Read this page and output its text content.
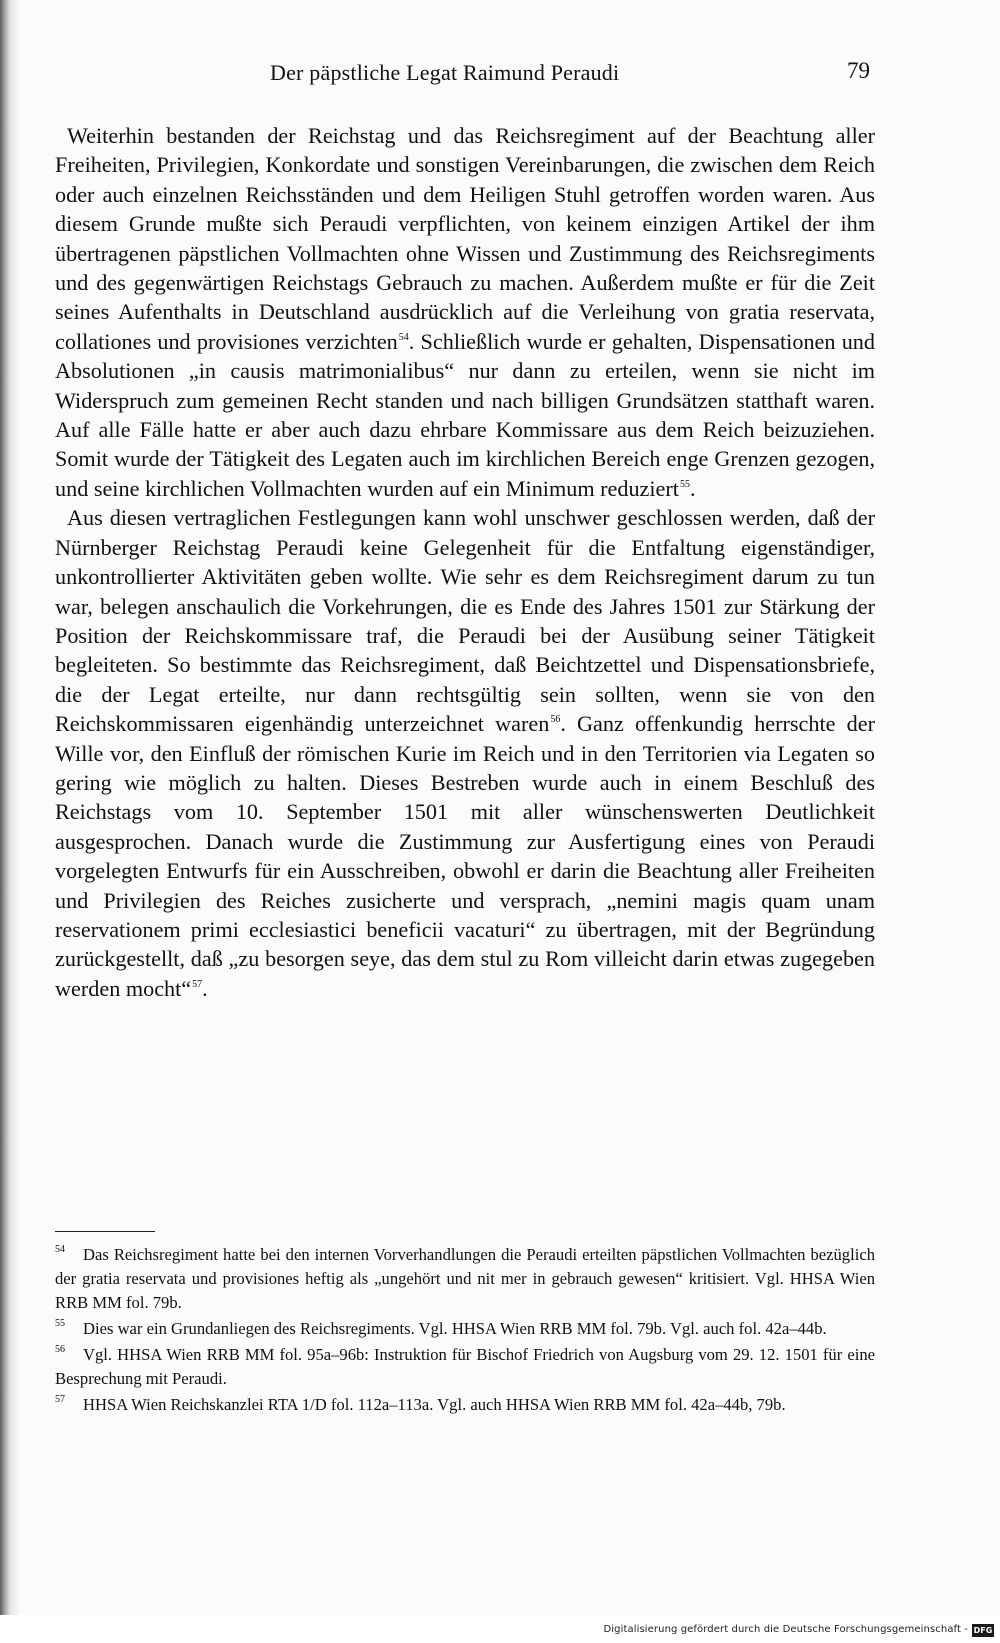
Der päpstliche Legat Raimund Peraudi	79

Weiterhin bestanden der Reichstag und das Reichsregiment auf der Beachtung aller Freiheiten, Privilegien, Konkordate und sonstigen Vereinbarungen, die zwischen dem Reich oder auch einzelnen Reichsständen und dem Heiligen Stuhl getroffen worden waren. Aus diesem Grunde mußte sich Peraudi verpflichten, von keinem einzigen Artikel der ihm übertragenen päpstlichen Vollmachten ohne Wissen und Zustimmung des Reichsregiments und des gegenwärtigen Reichstags Gebrauch zu machen. Außerdem mußte er für die Zeit seines Aufenthalts in Deutschland ausdrücklich auf die Verleihung von gratia reservata, collationes und provisiones verzichten$^{54}$. Schließlich wurde er gehalten, Dispensationen und Absolutionen „in causis matrimonialibus“ nur dann zu erteilen, wenn sie nicht im Widerspruch zum gemeinen Recht standen und nach billigen Grundsätzen statthaft waren. Auf alle Fälle hatte er aber auch dazu ehrbare Kommissare aus dem Reich beizuziehen. Somit wurde der Tätigkeit des Legaten auch im kirchlichen Bereich enge Grenzen gezogen, und seine kirchlichen Vollmachten wurden auf ein Minimum reduziert$^{55}$.

Aus diesen vertraglichen Festlegungen kann wohl unschwer geschlossen werden, daß der Nürnberger Reichstag Peraudi keine Gelegenheit für die Entfaltung eigenständiger, unkontrollierter Aktivitäten geben wollte. Wie sehr es dem Reichsregiment darum zu tun war, belegen anschaulich die Vorkehrungen, die es Ende des Jahres 1501 zur Stärkung der Position der Reichskommissare traf, die Peraudi bei der Ausübung seiner Tätigkeit begleiteten. So bestimmte das Reichsregiment, daß Beichtzettel und Dispensationsbriefe, die der Legat erteilte, nur dann rechtsgültig sein sollten, wenn sie von den Reichskommissaren eigenhändig unterzeichnet waren$^{56}$. Ganz offenkundig herrschte der Wille vor, den Einfluß der römischen Kurie im Reich und in den Territorien via Legaten so gering wie möglich zu halten. Dieses Bestreben wurde auch in einem Beschluß des Reichstags vom 10. September 1501 mit aller wünschenswerten Deutlichkeit ausgesprochen. Danach wurde die Zustimmung zur Ausfertigung eines von Peraudi vorgelegten Entwurfs für ein Ausschreiben, obwohl er darin die Beachtung aller Freiheiten und Privilegien des Reiches zusicherte und versprach, „nemini magis quam unam reservationem primi ecclesiastici beneficii vacaturi“ zu übertragen, mit der Begründung zurückgestellt, daß „zu besorgen seye, das dem stul zu Rom villeicht darin etwas zugegeben werden mocht“$^{57}$.

54 Das Reichsregiment hatte bei den internen Vorverhandlungen die Peraudi erteilten päpstlichen Vollmachten bezüglich der gratia reservata und provisiones heftig als „ungehört und nit mer in gebrauch gewesen“ kritisiert. Vgl. HHSA Wien RRB MM fol. 79b.

55 Dies war ein Grundanliegen des Reichsregiments. Vgl. HHSA Wien RRB MM fol. 79b. Vgl. auch fol. 42a–44b.

56 Vgl. HHSA Wien RRB MM fol. 95a–96b: Instruktion für Bischof Friedrich von Augsburg vom 29. 12. 1501 für eine Besprechung mit Peraudi.

57 HHSA Wien Reichskanzlei RTA 1/D fol. 112a–113a. Vgl. auch HHSA Wien RRB MM fol. 42a–44b, 79b.

Digitalisierung gefördert durch die Deutsche Forschungsgemeinschaft - DFG
